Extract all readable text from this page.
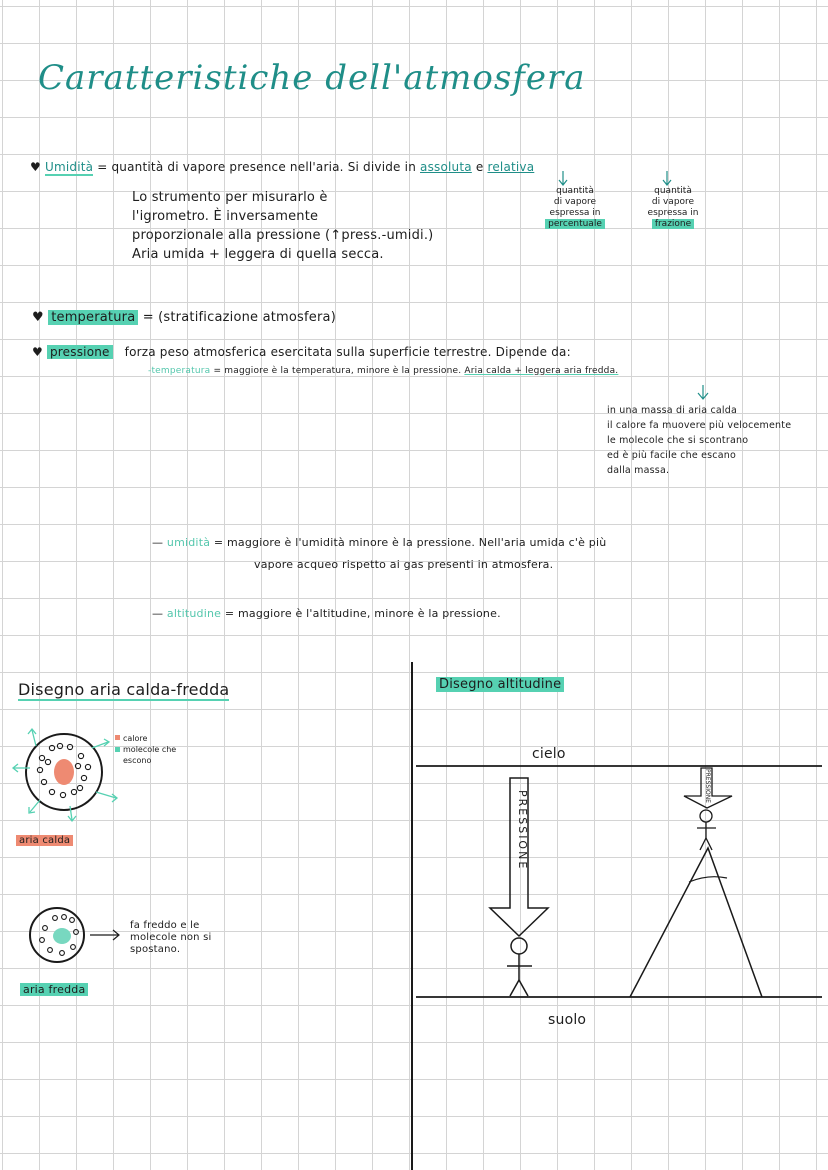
Caratteristiche dell'atmosfera
♥ Umidità = quantità di vapore presence nell'aria. Si divide in assoluta e relativa
quantità
di vapore
espressa in
percentuale
quantità
di vapore
espressa in
frazione
Lo strumento per misurarlo è
l'igrometro. È inversamente
proporzionale alla pressione (↑press.-umidi.)
Aria umida + leggera di quella secca.
♥ temperatura = (stratificazione atmosfera)
♥ pressione forza peso atmosferica esercitata sulla superficie terrestre. Dipende da:
-temperatura = maggiore è la temperatura, minore è la pressione. Aria calda + leggera aria fredda.
in una massa di aria calda
il calore fa muovere più velocemente
le molecole che si scontrano
ed è più facile che escano
dalla massa.
— umidità = maggiore è l'umidità minore è la pressione. Nell'aria umida c'è più
vapore acqueo rispetto ai gas presenti in atmosfera.
— altitudine = maggiore è l'altitudine, minore è la pressione.
PRESSIONE
PRESSIONE
Disegno aria calda-fredda
calore
molecole che escono
aria calda
fa freddo e le
molecole non si
spostano.
aria fredda
Disegno altitudine
cielo
suolo
